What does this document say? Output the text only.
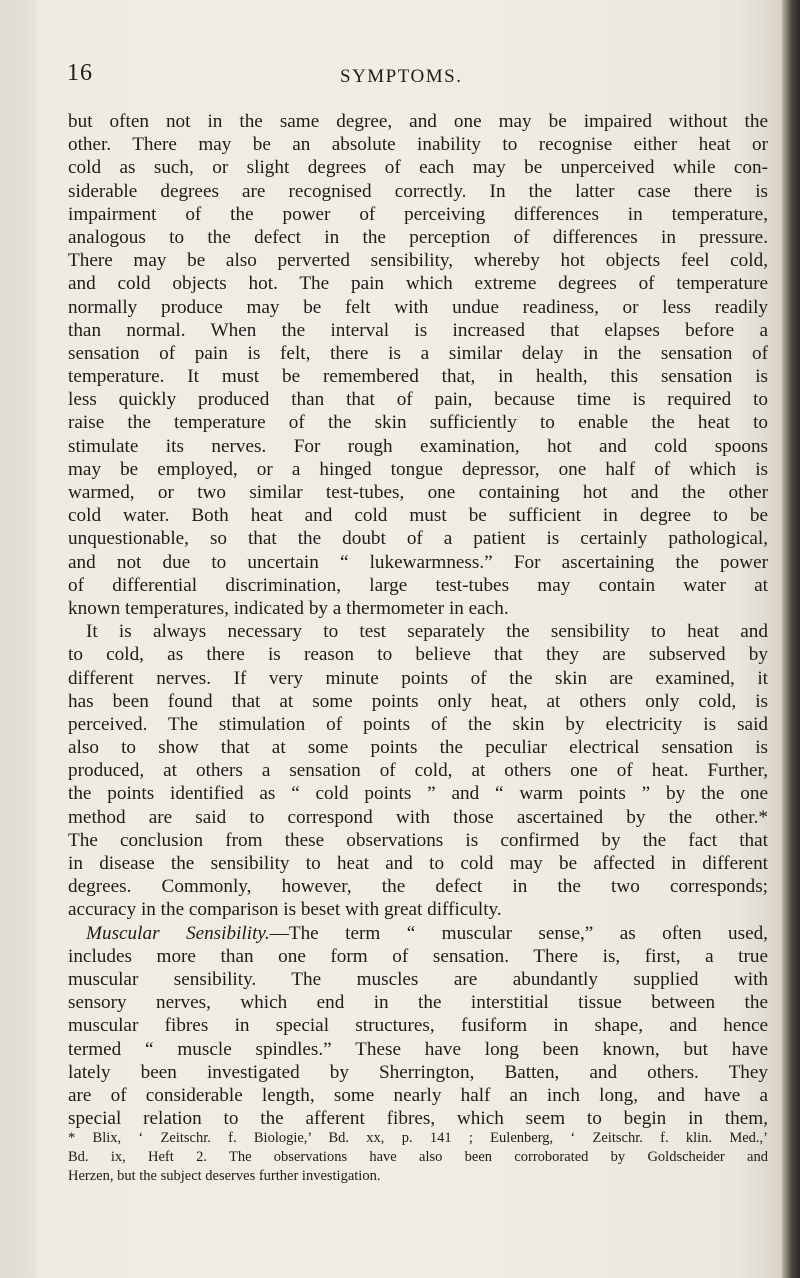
16	SYMPTOMS.
but often not in the same degree, and one may be impaired without the
other. There may be an absolute inability to recognise either heat or
cold as such, or slight degrees of each may be unperceived while con-
siderable degrees are recognised correctly. In the latter case there is
impairment of the power of perceiving differences in temperature,
analogous to the defect in the perception of differences in pressure.
There may be also perverted sensibility, whereby hot objects feel cold,
and cold objects hot. The pain which extreme degrees of temperature
normally produce may be felt with undue readiness, or less readily
than normal. When the interval is increased that elapses before a
sensation of pain is felt, there is a similar delay in the sensation of
temperature. It must be remembered that, in health, this sensation is
less quickly produced than that of pain, because time is required to
raise the temperature of the skin sufficiently to enable the heat to
stimulate its nerves. For rough examination, hot and cold spoons
may be employed, or a hinged tongue depressor, one half of which is
warmed, or two similar test-tubes, one containing hot and the other
cold water. Both heat and cold must be sufficient in degree to be
unquestionable, so that the doubt of a patient is certainly pathological,
and not due to uncertain “ lukewarmness.” For ascertaining the power
of differential discrimination, large test-tubes may contain water at
known temperatures, indicated by a thermometer in each.
It is always necessary to test separately the sensibility to heat and
to cold, as there is reason to believe that they are subserved by
different nerves. If very minute points of the skin are examined, it
has been found that at some points only heat, at others only cold, is
perceived. The stimulation of points of the skin by electricity is said
also to show that at some points the peculiar electrical sensation is
produced, at others a sensation of cold, at others one of heat. Further,
the points identified as “ cold points ” and “ warm points ” by the one
method are said to correspond with those ascertained by the other.*
The conclusion from these observations is confirmed by the fact that
in disease the sensibility to heat and to cold may be affected in different
degrees. Commonly, however, the defect in the two corresponds;
accuracy in the comparison is beset with great difficulty.
Muscular Sensibility.—The term “ muscular sense,” as often used,
includes more than one form of sensation. There is, first, a true
muscular sensibility. The muscles are abundantly supplied with
sensory nerves, which end in the interstitial tissue between the
muscular fibres in special structures, fusiform in shape, and hence
termed “ muscle spindles.” These have long been known, but have
lately been investigated by Sherrington, Batten, and others. They
are of considerable length, some nearly half an inch long, and have a
special relation to the afferent fibres, which seem to begin in them,
* Blix, ‘ Zeitschr. f. Biologie,’ Bd. xx, p. 141 ; Eulenberg, ‘ Zeitschr. f. klin. Med.,’
Bd. ix, Heft 2. The observations have also been corroborated by Goldscheider and
Herzen, but the subject deserves further investigation.
